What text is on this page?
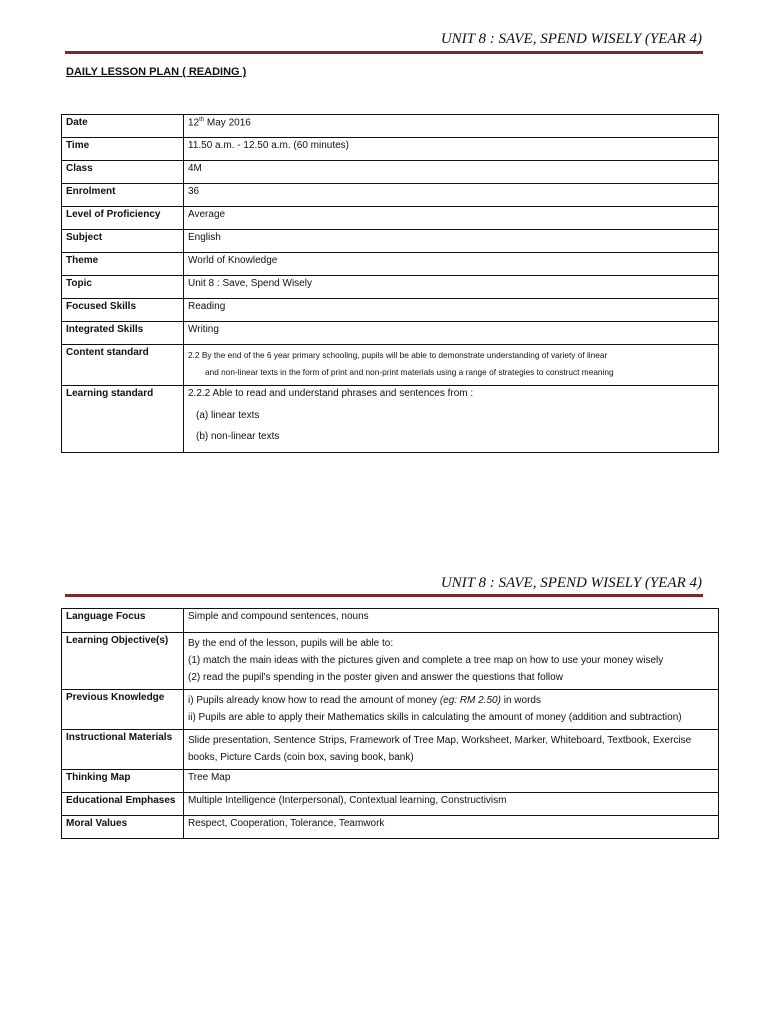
UNIT 8 : SAVE, SPEND WISELY (YEAR 4)
DAILY LESSON PLAN ( READING )
Date	12th May 2016
Time	11.50 a.m. - 12.50 a.m. (60 minutes)
Class	4M
Enrolment	36
Level of Proficiency	Average
Subject	English
Theme	World of Knowledge
Topic	Unit 8 : Save, Spend Wisely
Focused Skills	Reading
Integrated Skills	Writing
Content standard	2.2 By the end of the 6 year primary schooling, pupils will be able to demonstrate understanding of variety of linear
and non-linear texts in the form of print and non-print materials using a range of strategies to construct meaning

Learning standard	2.2.2 Able to read and understand phrases and sentences from :
(a) linear texts
(b) non-linear texts
UNIT 8 : SAVE, SPEND WISELY (YEAR 4)
Language Focus	Simple and compound sentences, nouns
Learning Objective(s)	By the end of the lesson, pupils will be able to:
(1) match the main ideas with the pictures given and complete a tree map on how to use your money wisely
(2) read the pupil's spending in the poster given and answer the questions that follow

Previous Knowledge	i) Pupils already know how to read the amount of money (eg: RM 2.50) in words
ii) Pupils are able to apply their Mathematics skills in calculating the amount of money (addition and subtraction)

Instructional Materials	Slide presentation, Sentence Strips, Framework of Tree Map, Worksheet, Marker, Whiteboard, Textbook, Exercise books, Picture Cards (coin box, saving book, bank)
Thinking Map	Tree Map
Educational Emphases	Multiple Intelligence (Interpersonal), Contextual learning, Constructivism
Moral Values	Respect, Cooperation, Tolerance, Teamwork
